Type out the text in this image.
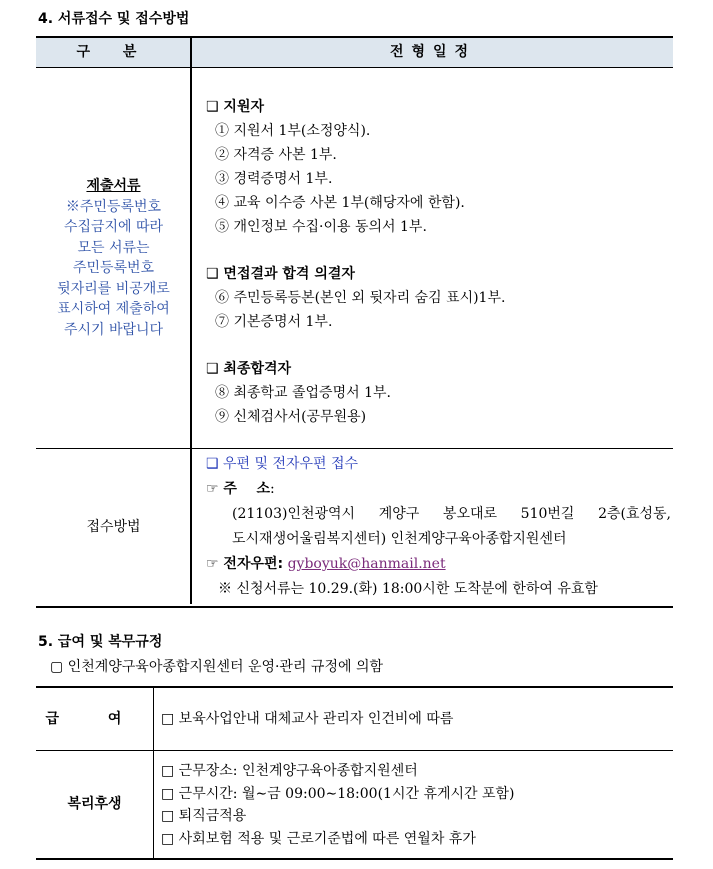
4. 서류접수 및 접수방법
구 분	전형일정
제출서류
※주민등록번호
수집금지에 따라
모든 서류는
주민등록번호
뒷자리를 비공개로
표시하여 제출하여
주시기 바랍니다
❑ 지원자
① 지원서 1부(소정양식).
② 자격증 사본 1부.
③ 경력증명서 1부.
④ 교육 이수증 사본 1부(해당자에 한함).
⑤ 개인정보 수집·이용 동의서 1부.
❑ 면접결과 합격 의결자
⑥ 주민등록등본(본인 외 뒷자리 숨김 표시)1부.
⑦ 기본증명서 1부.
❑ 최종합격자
⑧ 최종학교 졸업증명서 1부.
⑨ 신체검사서(공무원용)
접수방법
❑ 우편 및 전자우편 접수
☞ 주    소:
(21103)인천광역시 계양구 봉오대로 510번길 2층(효성동,
도시재생어울림복지센터) 인천계양구육아종합지원센터
☞ 전자우편: gyboyuk@hanmail.net
※ 신청서류는 10.29.(화) 18:00시한 도착분에 한하여 유효함
5. 급여 및 복무규정
▢ 인천계양구육아종합지원센터 운영·관리 규정에 의함
급 여	□ 보육사업안내 대체교사 관리자 인건비에 따름
복리후생
□ 근무장소: 인천계양구육아종합지원센터
□ 근무시간: 월∼금 09:00∼18:00(1시간 휴게시간 포함)
□ 퇴직금적용
□ 사회보험 적용 및 근로기준법에 따른 연월차 휴가
